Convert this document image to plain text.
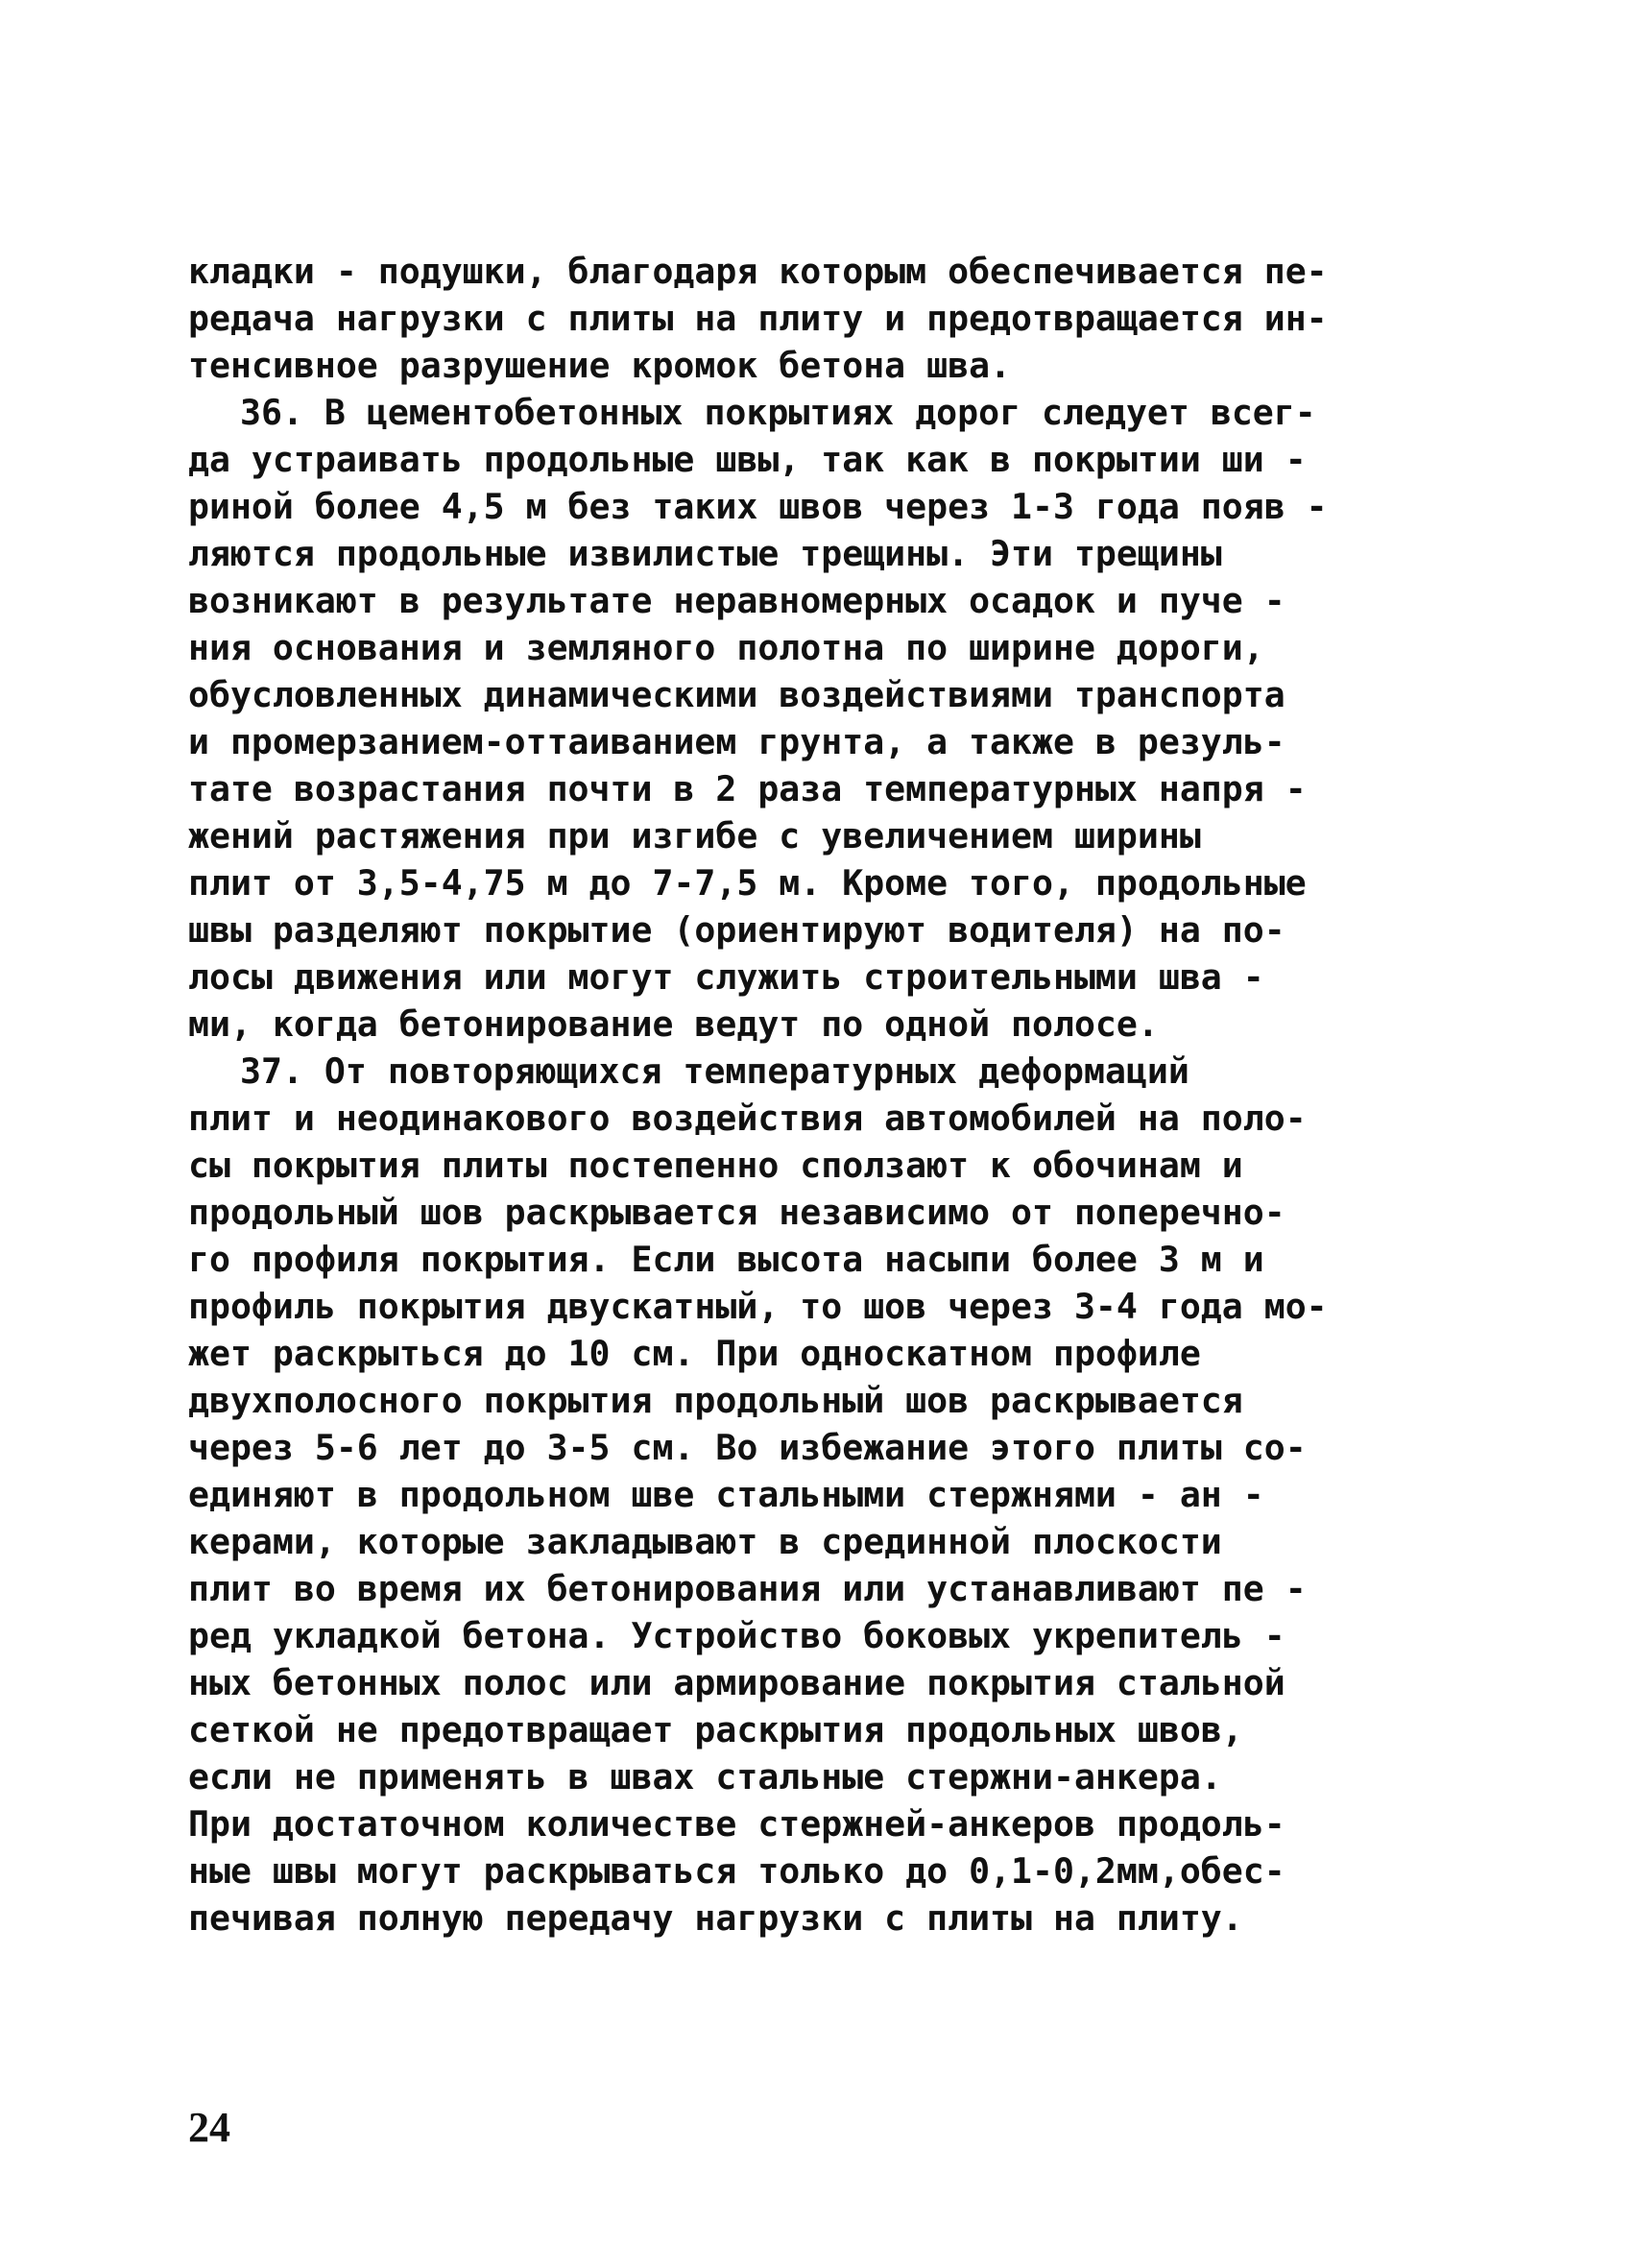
кладки - подушки, благодаря которым обеспечивается пе-
редача нагрузки с плиты на плиту и предотвращается ин-
тенсивное разрушение кромок бетона шва.
36. В цементобетонных покрытиях дорог следует всег-
да устраивать продольные швы, так как в покрытии ши -
риной более 4,5 м без таких швов через 1-3 года появ -
ляются продольные извилистые трещины. Эти трещины
возникают в результате неравномерных осадок и пуче -
ния основания и земляного полотна по ширине дороги,
обусловленных динамическими воздействиями транспорта
и промерзанием-оттаиванием грунта, а также в резуль-
тате возрастания почти в 2 раза температурных напря -
жений растяжения при изгибе с увеличением ширины
плит от 3,5-4,75 м до 7-7,5 м. Кроме того, продольные
швы разделяют покрытие (ориентируют водителя) на по-
лосы движения или могут служить строительными шва -
ми, когда бетонирование ведут по одной полосе.
37. От повторяющихся температурных деформаций
плит и неодинакового воздействия автомобилей на поло-
сы покрытия плиты постепенно сползают к обочинам и
продольный шов раскрывается независимо от поперечно-
го профиля покрытия. Если высота насыпи более 3 м и
профиль покрытия двускатный, то шов через 3-4 года мо-
жет раскрыться до 10 см. При односкатном профиле
двухполосного покрытия продольный шов раскрывается
через 5-6 лет до 3-5 см. Во избежание этого плиты со-
единяют в продольном шве стальными стержнями - ан -
керами, которые закладывают в срединной плоскости
плит во время их бетонирования или устанавливают пе -
ред укладкой бетона. Устройство боковых укрепитель -
ных бетонных полос или армирование покрытия стальной
сеткой не предотвращает раскрытия продольных швов,
если не применять в швах стальные стержни-анкера.
При достаточном количестве стержней-анкеров продоль-
ные швы могут раскрываться только до 0,1-0,2мм,обес-
печивая полную передачу нагрузки с плиты на плиту.
24
